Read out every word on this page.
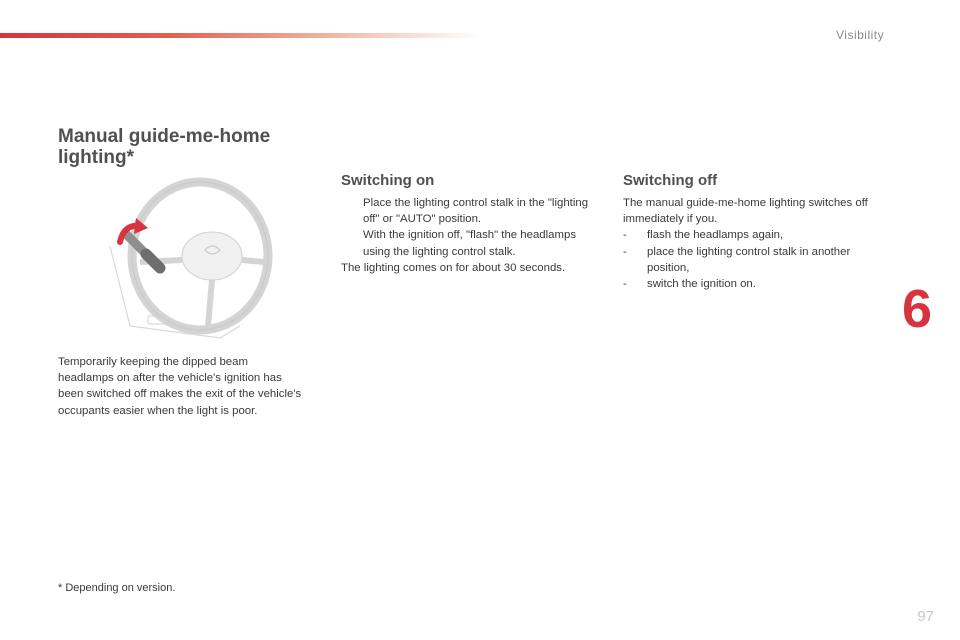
Visibility
6
Manual guide-me-home
lighting*
Temporarily keeping the dipped beam headlamps on after the vehicle's ignition has been switched off makes the exit of the vehicle's occupants easier when the light is poor.
Switching on
Place the lighting control stalk in the "lighting off" or "AUTO" position.
With the ignition off, "flash" the headlamps using the lighting control stalk.
The lighting comes on for about 30 seconds.
Switching off
The manual guide-me-home lighting switches off immediately if you.
- flash the headlamps again,
- place the lighting control stalk in another position,
- switch the ignition on.
* Depending on version.
97
